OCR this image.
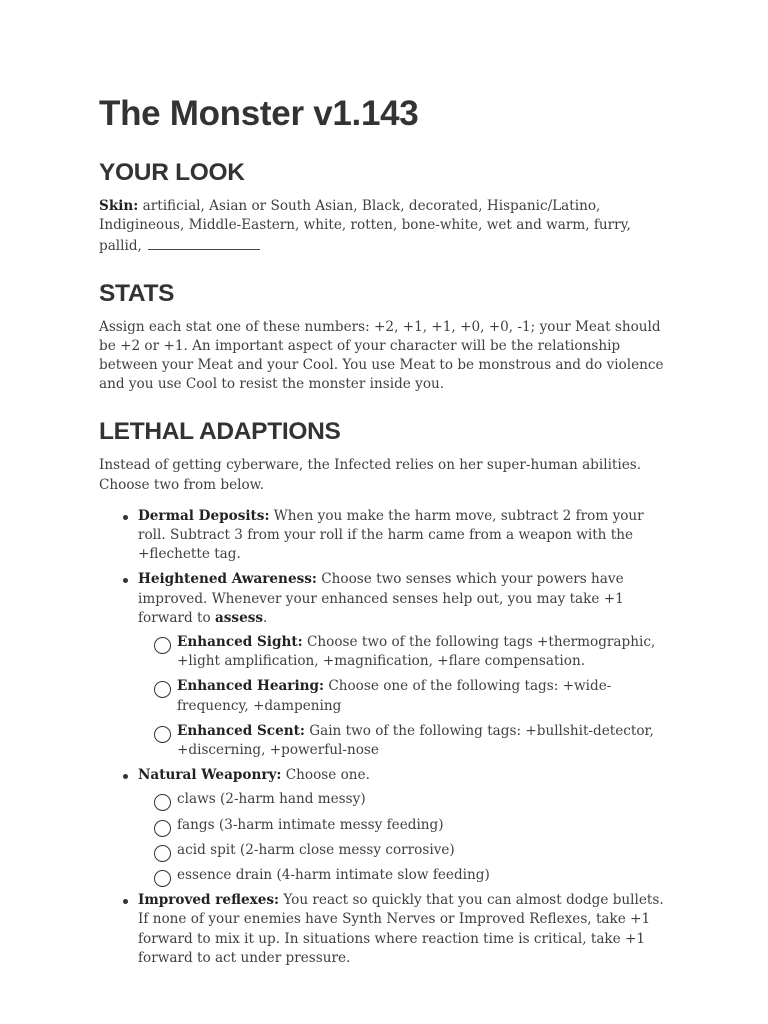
The Monster v1.143
YOUR LOOK

Skin: artificial, Asian or South Asian, Black, decorated, Hispanic/Latino, Indigineous, Middle-Eastern, white, rotten, bone-white, wet and warm, furry, pallid,

STATS

Assign each stat one of these numbers: +2, +1, +1, +0, +0, -1; your Meat should be +2 or +1. An important aspect of your character will be the relationship between your Meat and your Cool. You use Meat to be monstrous and do violence and you use Cool to resist the monster inside you.

LETHAL ADAPTIONS

Instead of getting cyberware, the Infected relies on her super-human abilities. Choose two from below.

Dermal Deposits: When you make the harm move, subtract 2 from your roll. Subtract 3 from your roll if the harm came from a weapon with the +flechette tag.
Heightened Awareness: Choose two senses which your powers have improved. Whenever your enhanced senses help out, you may take +1 forward to assess.
Enhanced Sight: Choose two of the following tags +thermographic, +light amplification, +magnification, +flare compensation.
Enhanced Hearing: Choose one of the following tags: +wide-frequency, +dampening
Enhanced Scent: Gain two of the following tags: +bullshit-detector, +discerning, +powerful-nose
Natural Weaponry: Choose one.
claws (2-harm hand messy)
fangs (3-harm intimate messy feeding)
acid spit (2-harm close messy corrosive)
essence drain (4-harm intimate slow feeding)
Improved reflexes: You react so quickly that you can almost dodge bullets. If none of your enemies have Synth Nerves or Improved Reflexes, take +1 forward to mix it up. In situations where reaction time is critical, take +1 forward to act under pressure.
